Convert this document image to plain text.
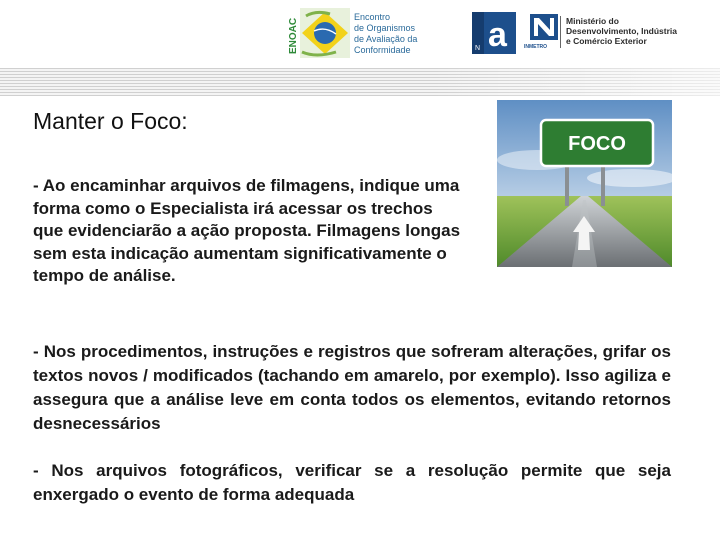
ENOAC
Encontro
de Organismos
de Avaliação da
Conformidade	a
N	INMETRO
Ministério do
Desenvolvimento, Indústria
e Comércio Exterior
Manter o Foco:
- Ao encaminhar arquivos de filmagens, indique uma forma como o Especialista irá acessar os trechos que evidenciarão a ação proposta. Filmagens longas sem esta indicação aumentam significativamente o tempo de análise.
- Nos procedimentos, instruções e registros que sofreram alterações, grifar os textos novos / modificados (tachando em amarelo, por exemplo). Isso agiliza e assegura que a análise leve em conta todos os elementos, evitando retornos desnecessários
- Nos arquivos fotográficos, verificar se a resolução permite que seja enxergado o evento de forma adequada
FOCO
